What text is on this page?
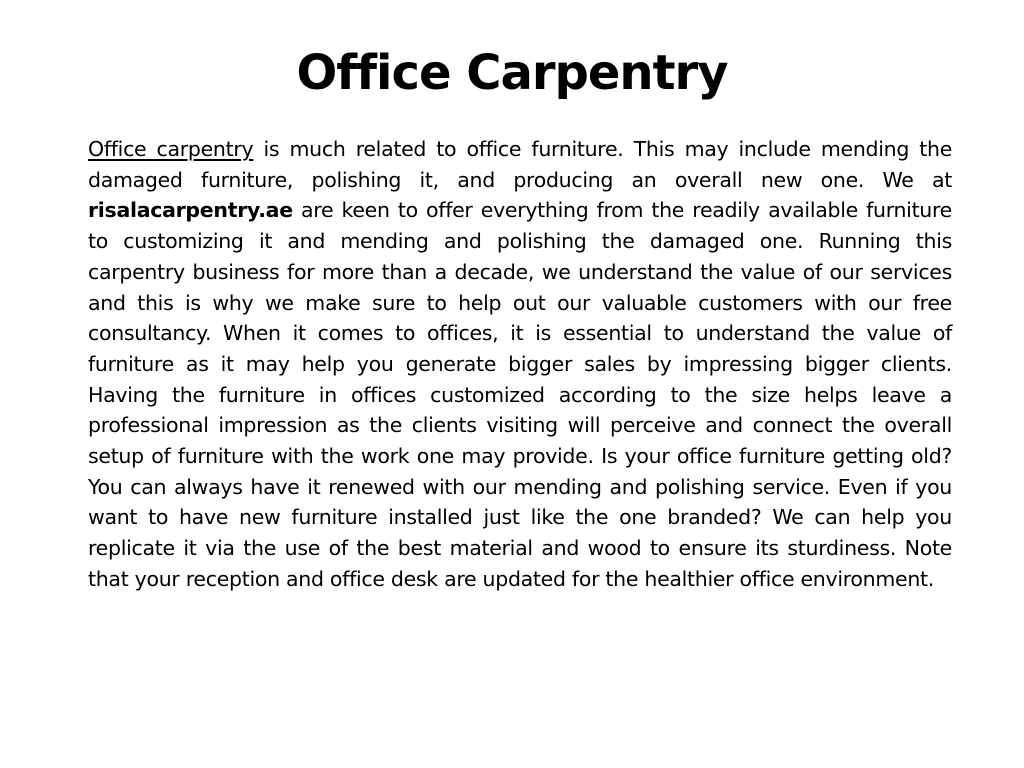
Office Carpentry

Office carpentry is much related to office furniture. This may include mending the damaged furniture, polishing it, and producing an overall new one. We at risalacarpentry.ae are keen to offer everything from the readily available furniture to customizing it and mending and polishing the damaged one. Running this carpentry business for more than a decade, we understand the value of our services and this is why we make sure to help out our valuable customers with our free consultancy. When it comes to offices, it is essential to understand the value of furniture as it may help you generate bigger sales by impressing bigger clients. Having the furniture in offices customized according to the size helps leave a professional impression as the clients visiting will perceive and connect the overall setup of furniture with the work one may provide. Is your office furniture getting old? You can always have it renewed with our mending and polishing service. Even if you want to have new furniture installed just like the one branded? We can help you replicate it via the use of the best material and wood to ensure its sturdiness. Note that your reception and office desk are updated for the healthier office environment.
